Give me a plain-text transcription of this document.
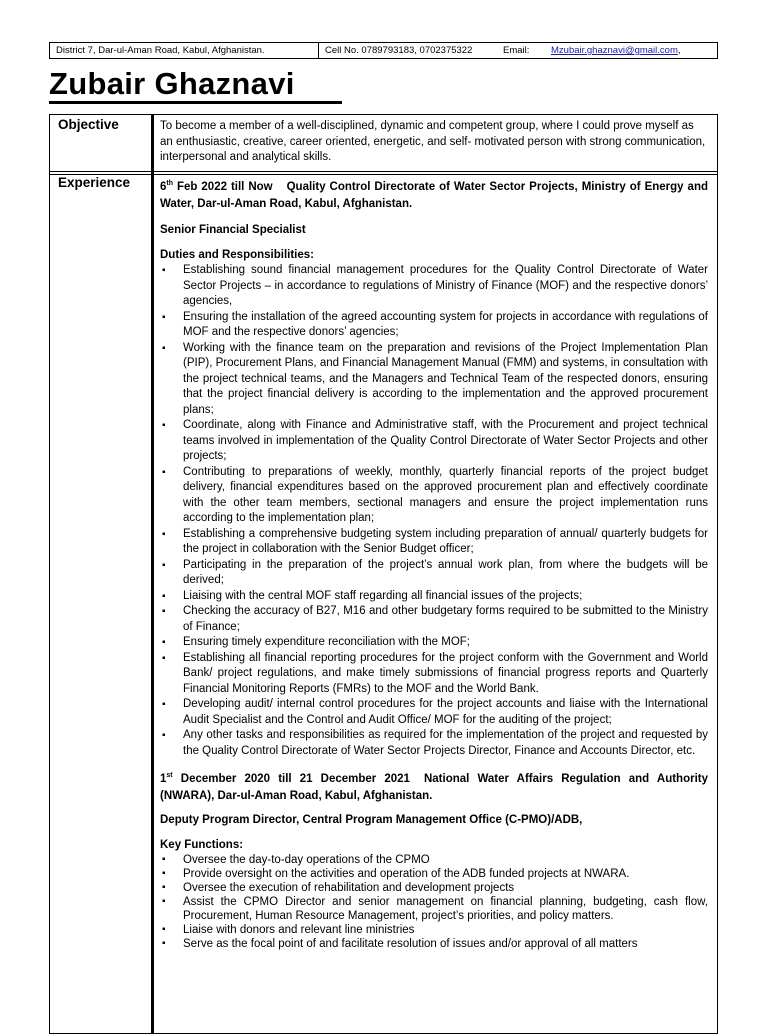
District 7, Dar-ul-Aman Road, Kabul, Afghanistan.	Cell No. 0789793183, 0702375322	Email:	Mzubair.ghaznavi@gmail.com ,
Zubair Ghaznavi
Objective	To become a member of a well-disciplined, dynamic and competent group, where I could prove myself as an enthusiastic, creative, career oriented, energetic, and self- motivated person with strong communication, interpersonal and analytical skills.
Experience	6th Feb 2022 till Now Quality Control Directorate of Water Sector Projects, Ministry of Energy and Water, Dar-ul-Aman Road, Kabul, Afghanistan.

Senior Financial Specialist

Duties and Responsibilities:

▪ Establishing sound financial management procedures for the Quality Control Directorate of Water Sector Projects – in accordance to regulations of Ministry of Finance (MOF) and the respective donors’ agencies,
▪ Ensuring the installation of the agreed accounting system for projects in accordance with regulations of MOF and the respective donors’ agencies;
▪ Working with the finance team on the preparation and revisions of the Project Implementation Plan (PIP), Procurement Plans, and Financial Management Manual (FMM) and systems, in consultation with the project technical teams, and the Managers and Technical Team of the respected donors, ensuring that the project financial delivery is according to the implementation and the approved procurement plans;
▪ Coordinate, along with Finance and Administrative staff, with the Procurement and project technical teams involved in implementation of the Quality Control Directorate of Water Sector Projects and other projects;
▪ Contributing to preparations of weekly, monthly, quarterly financial reports of the project budget delivery, financial expenditures based on the approved procurement plan and effectively coordinate with the other team members, sectional managers and ensure the project implementation runs according to the implementation plan;
▪ Establishing a comprehensive budgeting system including preparation of annual/ quarterly budgets for the project in collaboration with the Senior Budget officer;
▪ Participating in the preparation of the project’s annual work plan, from where the budgets will be derived;
▪ Liaising with the central MOF staff regarding all financial issues of the projects;
▪ Checking the accuracy of B27, M16 and other budgetary forms required to be submitted to the Ministry of Finance;
▪ Ensuring timely expenditure reconciliation with the MOF;
▪ Establishing all financial reporting procedures for the project conform with the Government and World Bank/ project regulations, and make timely submissions of financial progress reports and Quarterly Financial Monitoring Reports (FMRs) to the MOF and the World Bank.
▪ Developing audit/ internal control procedures for the project accounts and liaise with the International Audit Specialist and the Control and Audit Office/ MOF for the auditing of the project;
▪ Any other tasks and responsibilities as required for the implementation of the project and requested by the Quality Control Directorate of Water Sector Projects Director, Finance and Accounts Director, etc.

1st December 2020 till 21 December 2021 National Water Affairs Regulation and Authority (NWARA), Dar-ul-Aman Road, Kabul, Afghanistan.

Deputy Program Director, Central Program Management Office (C-PMO)/ADB,

Key Functions:

▪ Oversee the day-to-day operations of the CPMO
▪ Provide oversight on the activities and operation of the ADB funded projects at NWARA.
▪ Oversee the execution of rehabilitation and development projects
▪ Assist the CPMO Director and senior management on financial planning, budgeting, cash flow, Procurement, Human Resource Management, project’s priorities, and policy matters.
▪ Liaise with donors and relevant line ministries
▪ Serve as the focal point of and facilitate resolution of issues and/or approval of all matters
